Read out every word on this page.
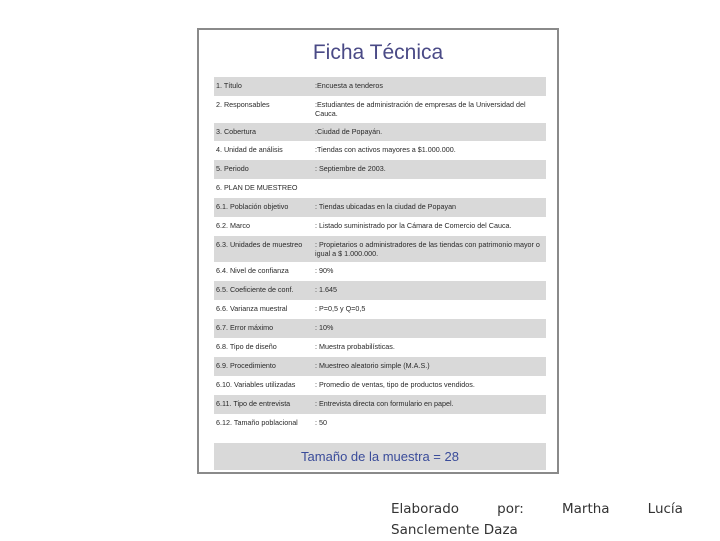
Ficha Técnica
1. Título	:Encuesta a tenderos
2. Responsables	:Estudiantes de administración de empresas de la Universidad del Cauca.
3. Cobertura	:Ciudad de Popayán.
4. Unidad de análisis	:Tiendas con activos mayores a $1.000.000.
5. Periodo	: Septiembre de 2003.
6. PLAN DE MUESTREO
6.1. Población objetivo	: Tiendas ubicadas en la ciudad de Popayan
6.2. Marco	: Listado suministrado por la Cámara de Comercio del Cauca.
6.3. Unidades de muestreo	: Propietarios o administradores de las tiendas con patrimonio mayor o igual a $ 1.000.000.
6.4. Nivel de confianza	: 90%
6.5. Coeficiente de conf.	: 1.645
6.6. Varianza muestral	: P=0,5 y Q=0,5
6.7. Error máximo	: 10%
6.8. Tipo de diseño	: Muestra probabilísticas.
6.9. Procedimiento	: Muestreo aleatorio simple (M.A.S.)
6.10. Variables utilizadas	: Promedio de ventas, tipo de productos vendidos.
6.11. Tipo de entrevista	: Entrevista directa con formulario en papel.
6.12. Tamaño poblacional	: 50
Tamaño de la muestra = 28
Elaborado	por:	Martha	Lucía
Sanclemente Daza
